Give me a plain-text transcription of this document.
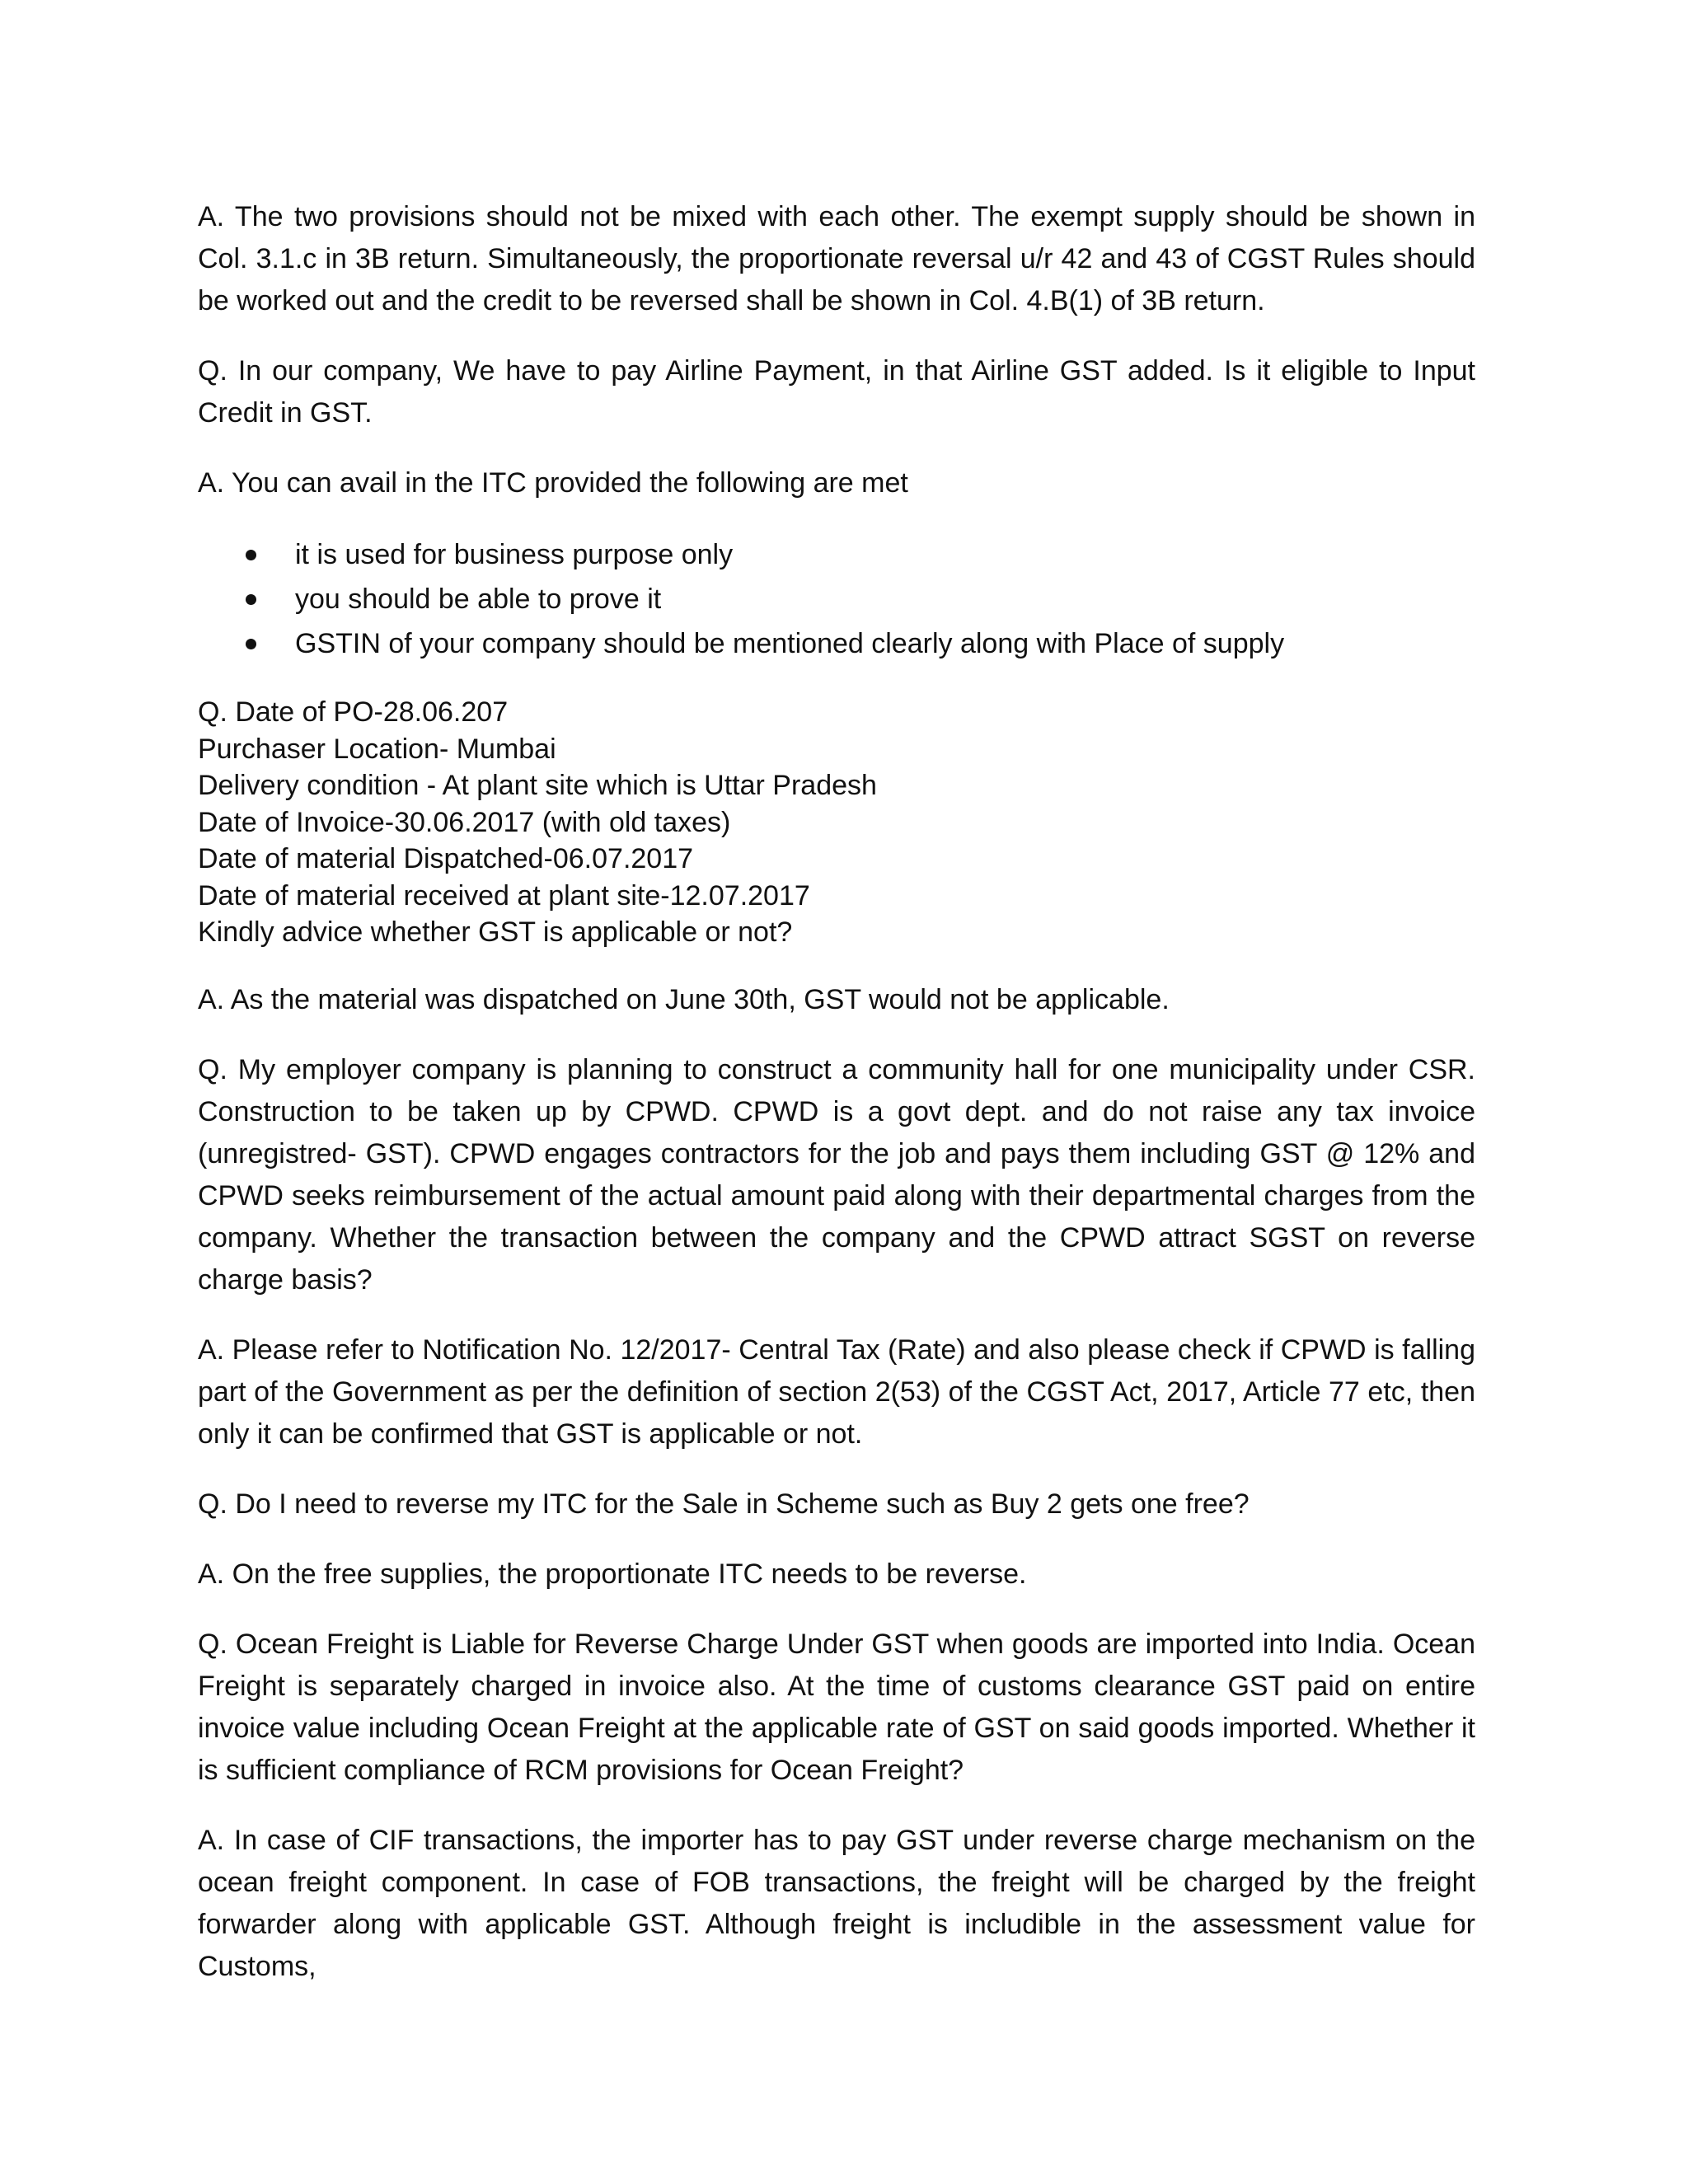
A. The two provisions should not be mixed with each other. The exempt supply should be shown in Col. 3.1.c in 3B return. Simultaneously, the proportionate reversal u/r 42 and 43 of CGST Rules should be worked out and the credit to be reversed shall be shown in Col. 4.B(1) of 3B return.

Q. In our company, We have to pay Airline Payment, in that Airline GST added. Is it eligible to Input Credit in GST.

A. You can avail in the ITC provided the following are met

it is used for business purpose only
you should be able to prove it
GSTIN of your company should be mentioned clearly along with Place of supply
Q. Date of PO-28.06.207
Purchaser Location- Mumbai
Delivery condition - At plant site which is Uttar Pradesh
Date of Invoice-30.06.2017 (with old taxes)
Date of material Dispatched-06.07.2017
Date of material received at plant site-12.07.2017
Kindly advice whether GST is applicable or not?

A. As the material was dispatched on June 30th, GST would not be applicable.

Q. My employer company is planning to construct a community hall for one municipality under CSR. Construction to be taken up by CPWD. CPWD is a govt dept. and do not raise any tax invoice (unregistred- GST). CPWD engages contractors for the job and pays them including GST @ 12% and CPWD seeks reimbursement of the actual amount paid along with their departmental charges from the company. Whether the transaction between the company and the CPWD attract SGST on reverse charge basis?

A. Please refer to Notification No. 12/2017- Central Tax (Rate) and also please check if CPWD is falling part of the Government as per the definition of section 2(53) of the CGST Act, 2017, Article 77 etc, then only it can be confirmed that GST is applicable or not.

Q. Do I need to reverse my ITC for the Sale in Scheme such as Buy 2 gets one free?

A. On the free supplies, the proportionate ITC needs to be reverse.

Q. Ocean Freight is Liable for Reverse Charge Under GST when goods are imported into India. Ocean Freight is separately charged in invoice also. At the time of customs clearance GST paid on entire invoice value including Ocean Freight at the applicable rate of GST on said goods imported. Whether it is sufficient compliance of RCM provisions for Ocean Freight?

A. In case of CIF transactions, the importer has to pay GST under reverse charge mechanism on the ocean freight component. In case of FOB transactions, the freight will be charged by the freight forwarder along with applicable GST. Although freight is includible in the assessment value for Customs,
